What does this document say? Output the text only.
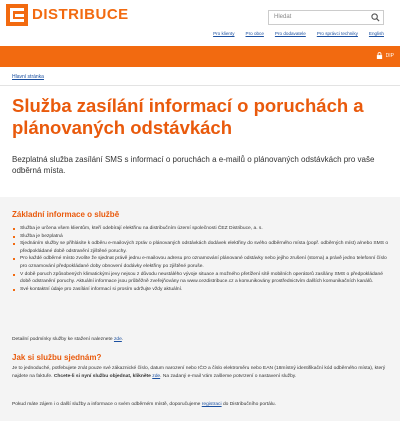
DISTRIBUCE	Hledat
Pro klienty Pro obce Pro dodavatele Pro správci techniky English
DIP
Hlavní stránka
Služba zasílání informací o poruchách a plánovaných odstávkách
Bezplatná služba zasílání SMS s informací o poruchách a e-mailů o plánovaných odstávkách pro vaše odběrná místa.
Základní informace o službě
Služba je určena všem klientům, kteří odebírají elektřinu na distribučním území společnosti ČEZ Distribuce, a. s.
Služba je bezplatná
Sjednáním služby se přihlásíte k odběru e-mailových zpráv o plánovaných odstávkách dodávek elektřiny do svého odběrného místa (popř. odběrných míst) a/nebo SMS o předpokládané době odstranění zjištěné poruchy.
Pro každé odběrné místo zvolíte že sjednat právě jednu e-mailovou adresu pro oznamování plánované odstávky nebo jejího zrušení (storna) a právě jedno telefonní číslo pro oznamování předpokládané doby obnovení dodávky elektřiny po zjištěné poruše.
V době poruch způsobených klimatickými jevy nejsou z důvodu neustálého vývoje situace a možného přetížení sítě mobilních operátorů zasílány SMS o předpokládané době odstranění poruchy. Aktuální informace jsou průběžně zveřejňovány na www.cezdistribuce.cz a komunikovány prostřednictvím dalších komunikačních kanálů.
Své kontaktní údaje pro zasílání informací si prosím udržujte vždy aktuální.
Detailní podmínky služby ke stažení naleznete zde.
Jak si službu sjednám?
Je to jednoduché, potřebujete znát pouze své zákaznické číslo, datum narození nebo IČO a číslo elektroměru nebo EAN (18místný identifikační kód odběrného místa), který najdete na faktuře. Chcete-li si nyní službu objednat, klikněte zde. Na zadaný e-mail Vám zašleme potvrzení o nastavení služby.
Pokud máte zájem i o další služby a informace o svém odběrném místě, doporučujeme registraci do Distribučního portálu.
